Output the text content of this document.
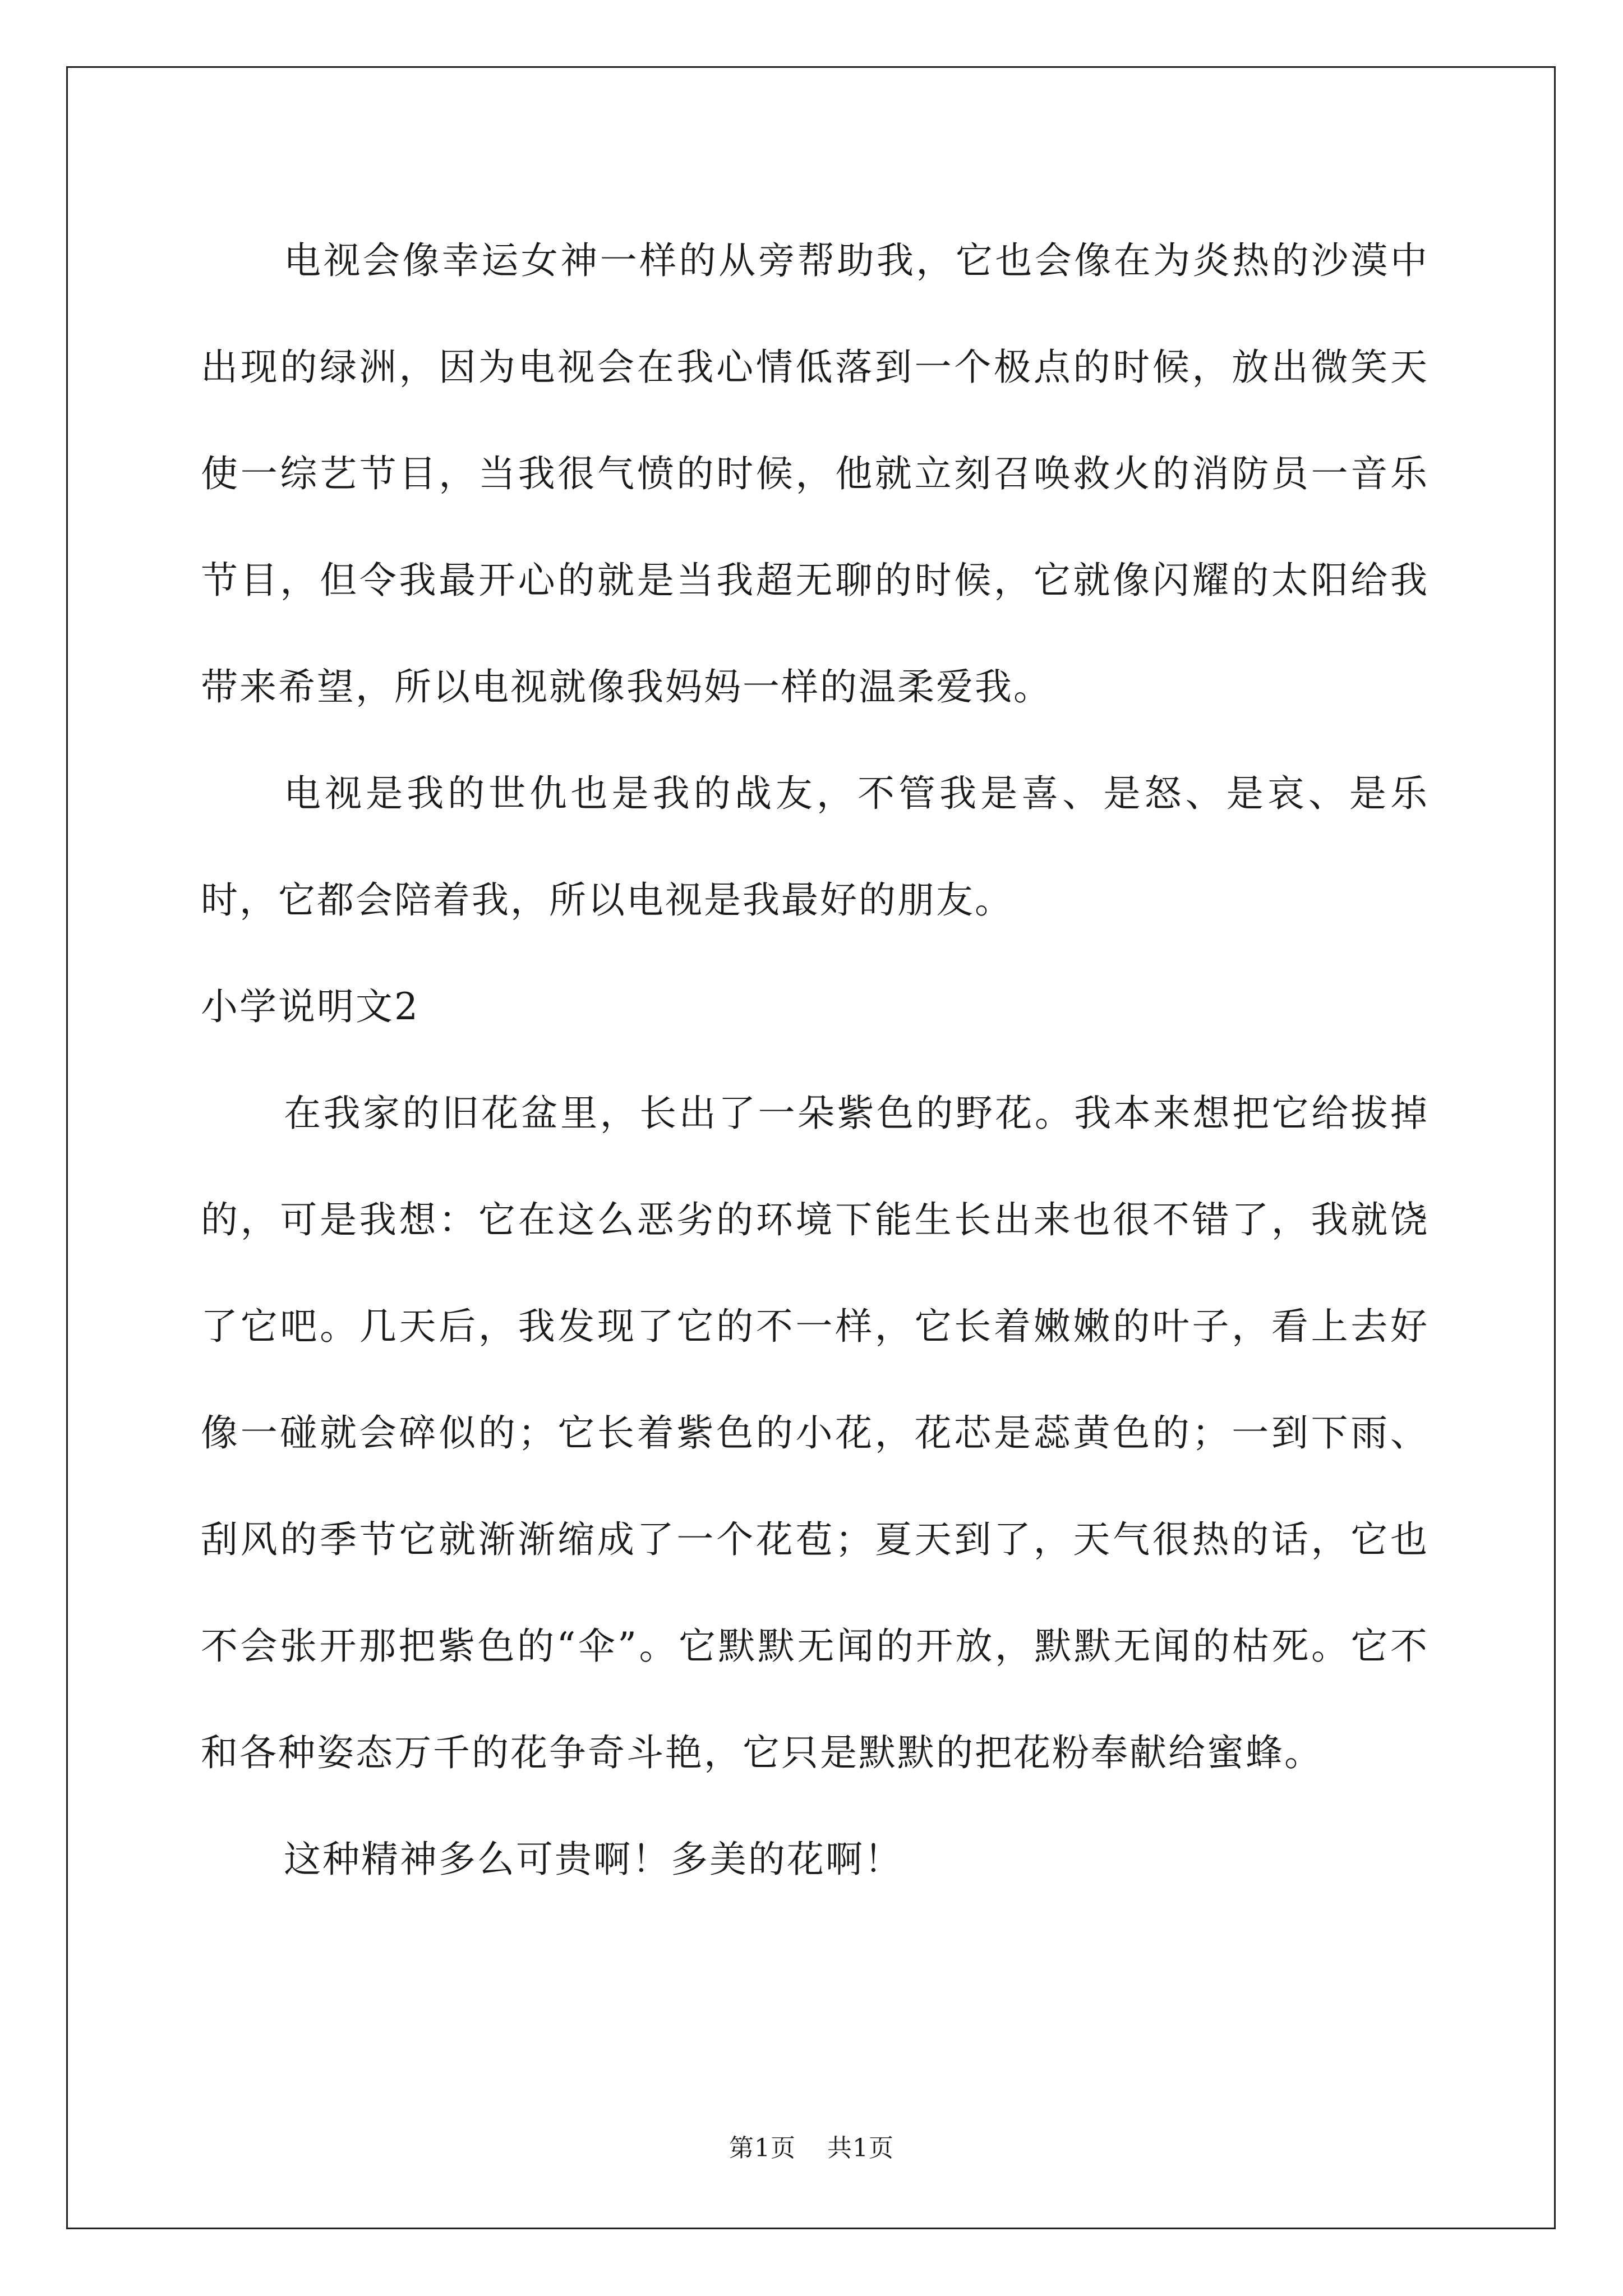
电视会像幸运女神一样的从旁帮助我，它也会像在为炎热的沙漠中出现的绿洲，因为电视会在我心情低落到一个极点的时候，放出微笑天使一综艺节目，当我很气愤的时候，他就立刻召唤救火的消防员一音乐节目，但令我最开心的就是当我超无聊的时候，它就像闪耀的太阳给我带来希望，所以电视就像我妈妈一样的温柔爱我。

电视是我的世仇也是我的战友，不管我是喜、是怒、是哀、是乐时，它都会陪着我，所以电视是我最好的朋友。

小学说明文2

在我家的旧花盆里，长出了一朵紫色的野花。我本来想把它给拔掉的，可是我想：它在这么恶劣的环境下能生长出来也很不错了，我就饶了它吧。几天后，我发现了它的不一样，它长着嫩嫩的叶子，看上去好像一碰就会碎似的；它长着紫色的小花，花芯是蕊黄色的；一到下雨、刮风的季节它就渐渐缩成了一个花苞；夏天到了，天气很热的话，它也不会张开那把紫色的“伞”。它默默无闻的开放，默默无闻的枯死。它不和各种姿态万千的花争奇斗艳，它只是默默的把花粉奉献给蜜蜂。

这种精神多么可贵啊！多美的花啊！

第1页 共1页
